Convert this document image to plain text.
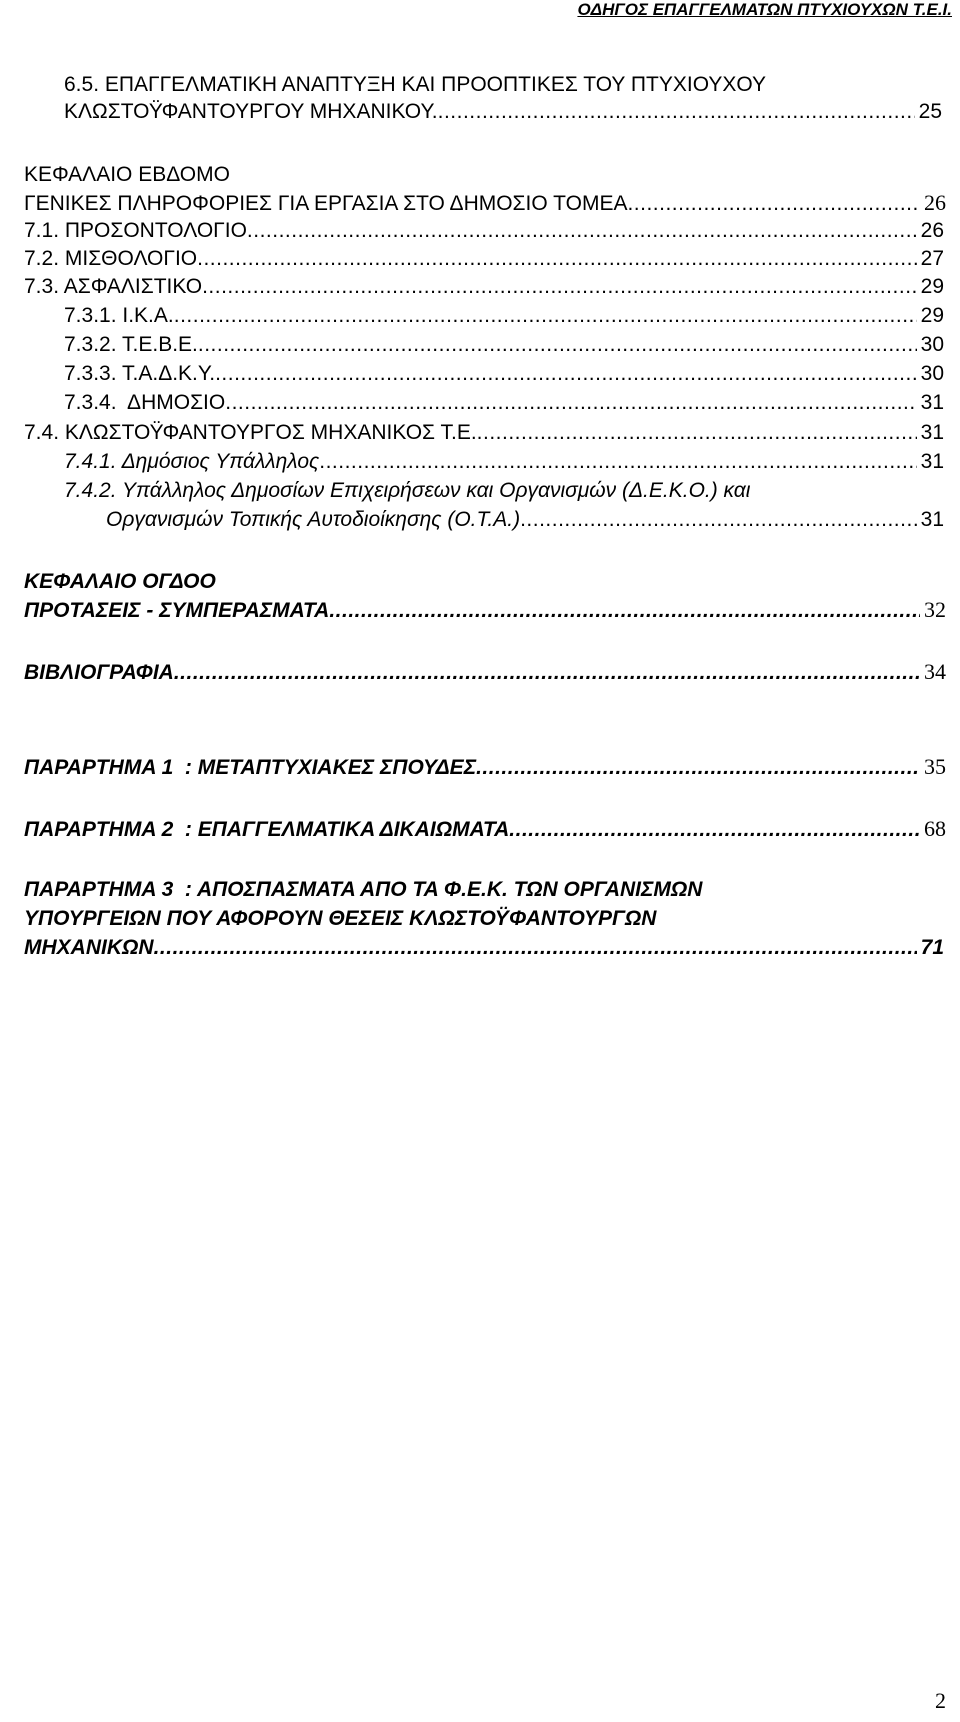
ΟΔΗΓΟΣ ΕΠΑΓΓΕΛΜΑΤΩΝ ΠΤΥΧΙΟΥΧΩΝ Τ.Ε.Ι.
6.5. ΕΠΑΓΓΕΛΜΑΤΙΚΗ ΑΝΑΠΤΥΞΗ ΚΑΙ ΠΡΟΟΠΤΙΚΕΣ ΤΟΥ ΠΤΥΧΙΟΥΧΟΥ
ΚΛΩΣΤΟΫΦΑΝΤΟΥΡΓΟΥ ΜΗΧΑΝΙΚΟΥ. .....	25
ΚΕΦΑΛΑΙΟ ΕΒΔΟΜΟ
ΓΕΝΙΚΕΣ ΠΛΗΡΟΦΟΡΙΕΣ ΓΙΑ ΕΡΓΑΣΙΑ ΣΤΟ ΔΗΜΟΣΙΟ ΤΟΜΕΑ .....	26
7.1. ΠΡΟΣΟΝΤΟΛΟΓΙΟ .....	26
7.2. ΜΙΣΘΟΛΟΓΙΟ .....	27
7.3. ΑΣΦΑΛΙΣΤΙΚΟ .....	29
7.3.1. Ι.Κ.Α. .....	29
7.3.2. Τ.Ε.Β.Ε. .....	30
7.3.3. Τ.Α.Δ.Κ.Υ. .....	30
7.3.4.  ΔΗΜΟΣΙΟ .....	31
7.4. ΚΛΩΣΤΟΫΦΑΝΤΟΥΡΓΟΣ ΜΗΧΑΝΙΚΟΣ Τ.Ε. .....	31
7.4.1. Δημόσιος Υπάλληλος .....	31
7.4.2. Υπάλληλος Δημοσίων Επιχειρήσεων και Οργανισμών (Δ.Ε.Κ.Ο.) και
Οργανισμών Τοπικής Αυτοδιοίκησης (Ο.Τ.Α.) .....	31
ΚΕΦΑΛΑΙΟ ΟΓΔΟΟ
ΠΡΟΤΑΣΕΙΣ - ΣΥΜΠΕΡΑΣΜΑΤΑ .....	32
ΒΙΒΛΙΟΓΡΑΦΙΑ .....	34
ΠΑΡΑΡΤΗΜΑ 1  : ΜΕΤΑΠΤΥΧΙΑΚΕΣ ΣΠΟΥΔΕΣ .....	35
ΠΑΡΑΡΤΗΜΑ 2  : ΕΠΑΓΓΕΛΜΑΤΙΚΑ ΔΙΚΑΙΩΜΑΤΑ .....	68
ΠΑΡΑΡΤΗΜΑ 3  : ΑΠΟΣΠΑΣΜΑΤΑ ΑΠΟ ΤΑ Φ.Ε.Κ. ΤΩΝ ΟΡΓΑΝΙΣΜΩΝ
ΥΠΟΥΡΓΕΙΩΝ ΠΟΥ ΑΦΟΡΟΥΝ ΘΕΣΕΙΣ ΚΛΩΣΤΟΫΦΑΝΤΟΥΡΓΩΝ
ΜΗΧΑΝΙΚΩΝ .....	71
2
